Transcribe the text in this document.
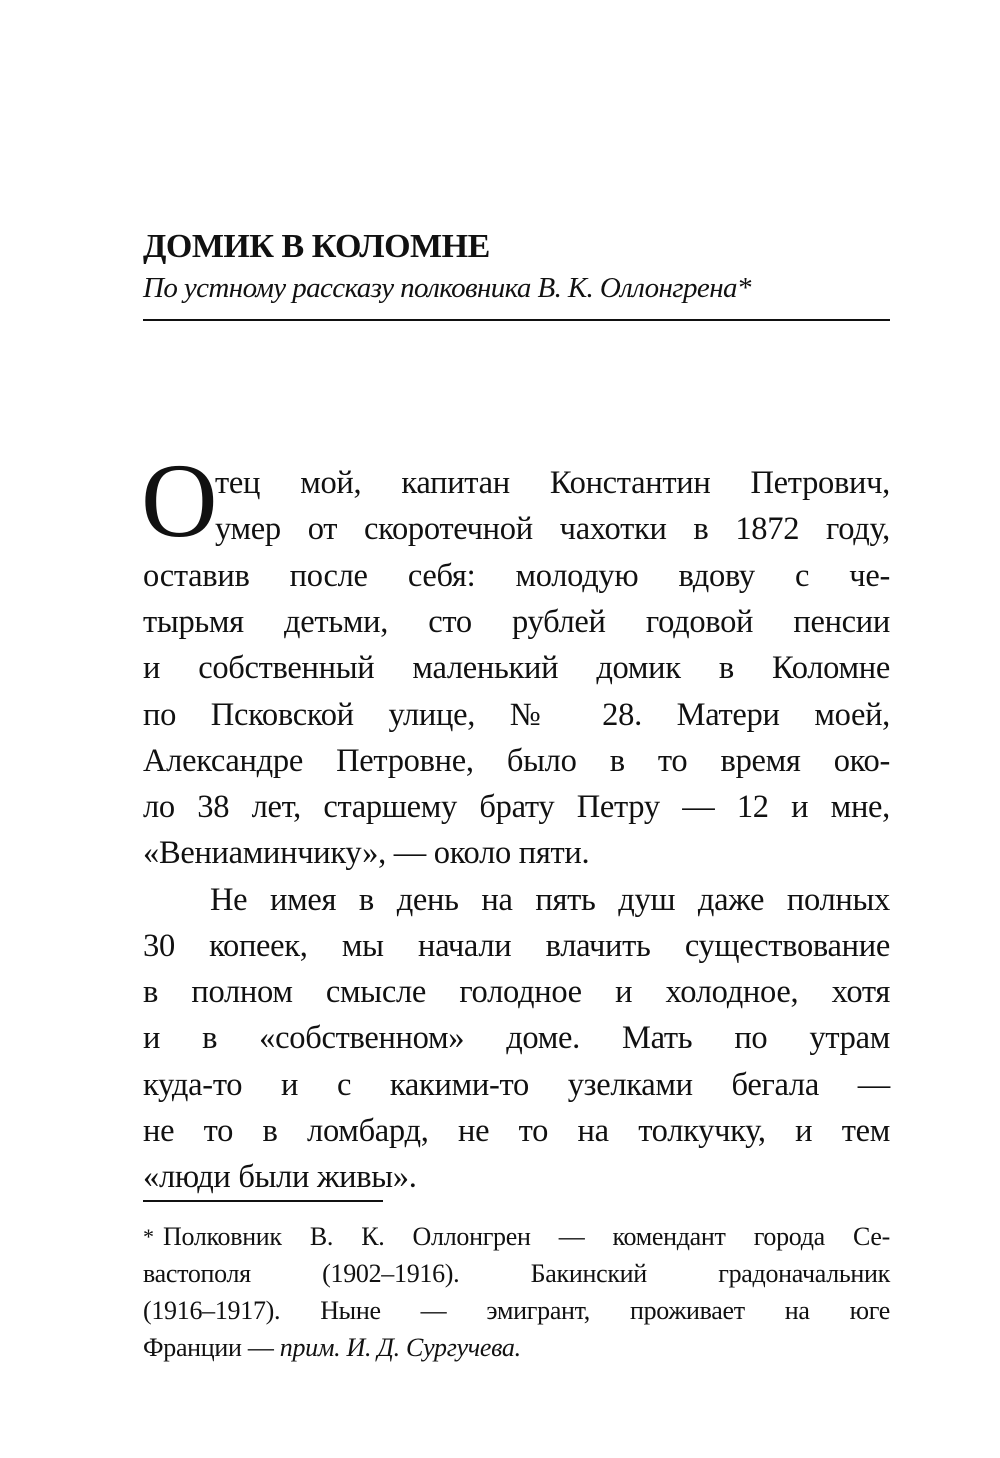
ДОМИК В КОЛОМНЕ
По устному рассказу полковника В. К. Оллонгрена*
О
тец мой, капитан Константин Петрович,
умер от скоротечной чахотки в 1872 году,
оставив после себя: молодую вдову с че-
тырьмя детьми, сто рублей годовой пенсии
и собственный маленький домик в Коломне
по Псковской улице, № 28. Матери моей,
Александре Петровне, было в то время око-
ло 38 лет, старшему брату Петру — 12 и мне,
«Вениаминчику», — около пяти.
Не имея в день на пять душ даже полных
30 копеек, мы начали влачить существование
в полном смысле голодное и холодное, хотя
и в «собственном» доме. Мать по утрам
куда-то и с какими-то узелками бегала —
не то в ломбард, не то на толкучку, и тем
«люди были живы».
* Полковник В. К. Оллонгрен — комендант города Се-
вастополя (1902–1916). Бакинский градоначальник
(1916–1917). Ныне — эмигрант, проживает на юге
Франции — прим. И. Д. Сургучева.
